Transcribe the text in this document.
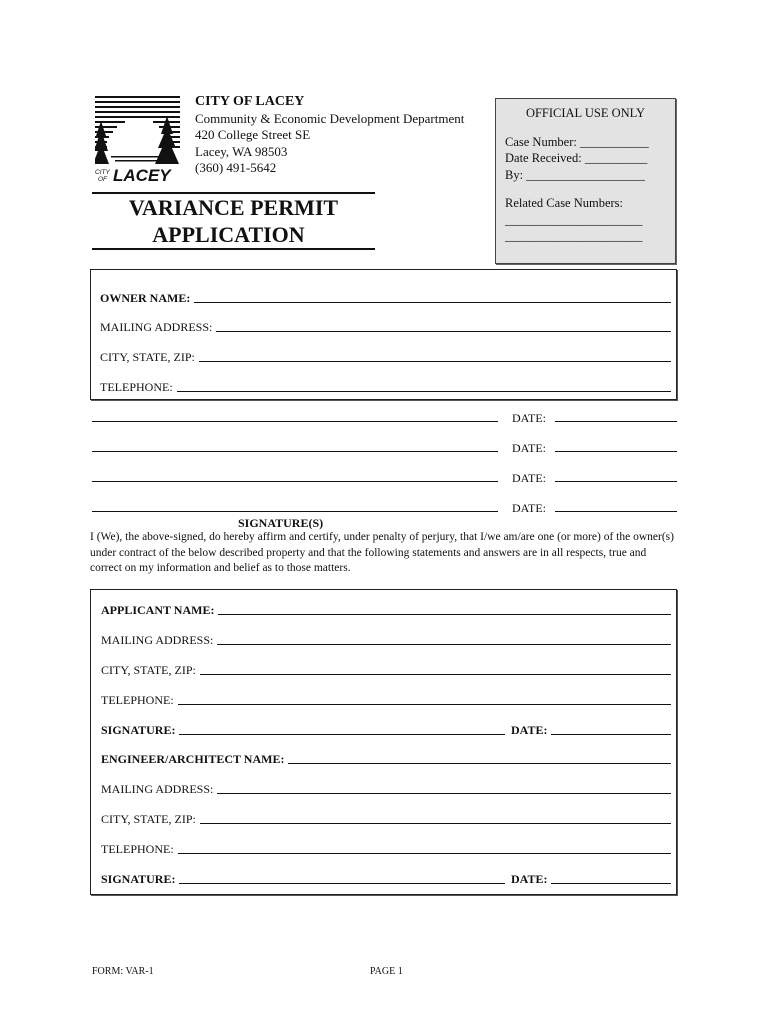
CITY
OF LACEY
CITY OF LACEY
Community & Economic Development Department
420 College Street SE
Lacey, WA 98503
(360) 491-5642
VARIANCE PERMIT
APPLICATION
OFFICIAL USE ONLY
Case Number: ___________
Date Received: __________
By: ___________________
Related Case Numbers:
______________________
______________________
OWNER NAME:
MAILING ADDRESS:
CITY, STATE, ZIP:
TELEPHONE:
DATE:
DATE:
DATE:
DATE:
SIGNATURE(S)
I (We), the above-signed, do hereby affirm and certify, under penalty of perjury, that I/we am/are one (or more) of the owner(s) under contract of the below described property and that the following statements and answers are in all respects, true and correct on my information and belief as to those matters.
APPLICANT NAME:
MAILING ADDRESS:
CITY, STATE, ZIP:
TELEPHONE:
SIGNATURE:	DATE:
ENGINEER/ARCHITECT NAME:
MAILING ADDRESS:
CITY, STATE, ZIP:
TELEPHONE:
SIGNATURE:	DATE:
FORM: VAR-1	PAGE 1
